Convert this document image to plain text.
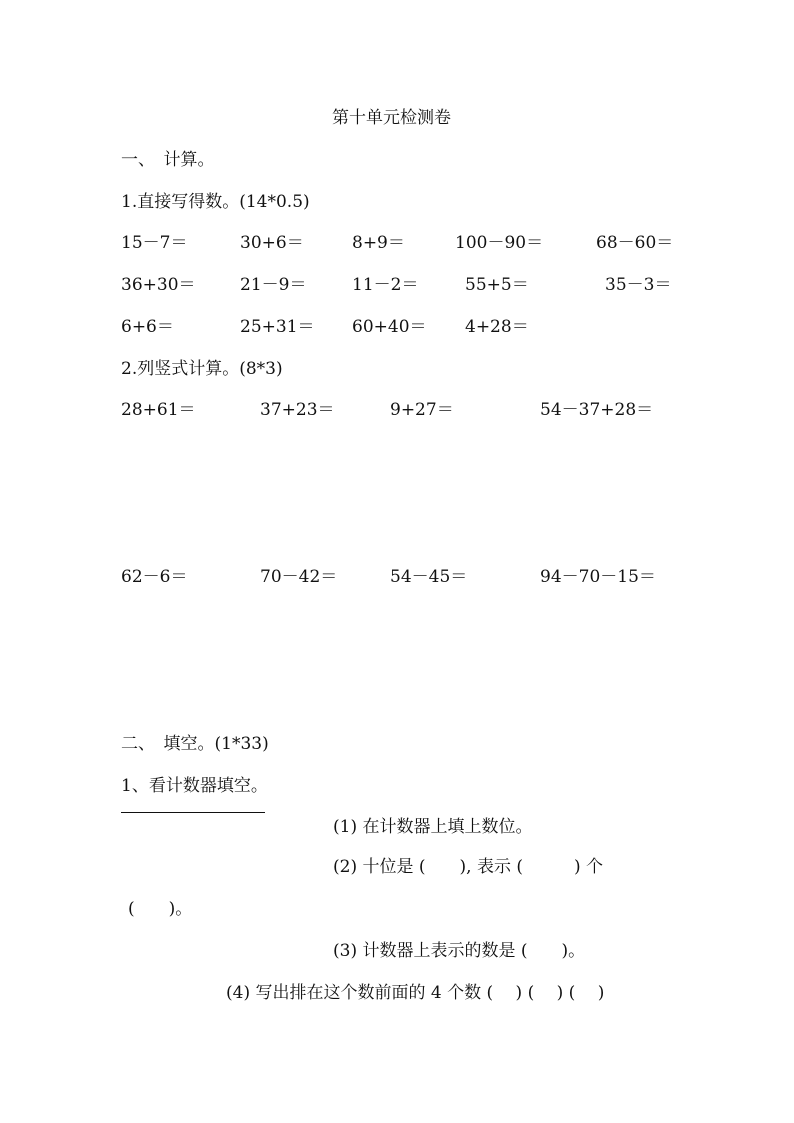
第十单元检测卷
一、　计算。
1.直接写得数。(14*0.5)
15－7＝	30+6＝	8+9＝	100－90＝	68－60＝
36+30＝	21－9＝	11－2＝	55+5＝	35－3＝
6+6＝	25+31＝ 60+40＝ 4+28＝
2.列竖式计算。(8*3)
28+61＝	37+23＝	9+27＝	54－37+28＝
62－6＝	70－42＝	54－45＝	94－70－15＝
二、　填空。(1*33)
1、看计数器填空。
(1) 在计数器上填上数位。
(2) 十位是 (　　), 表示 (　　　) 个
(　　)。
(3) 计数器上表示的数是 (　　)。
(4) 写出排在这个数前面的 4 个数 (　 ) (　 ) (　 )
